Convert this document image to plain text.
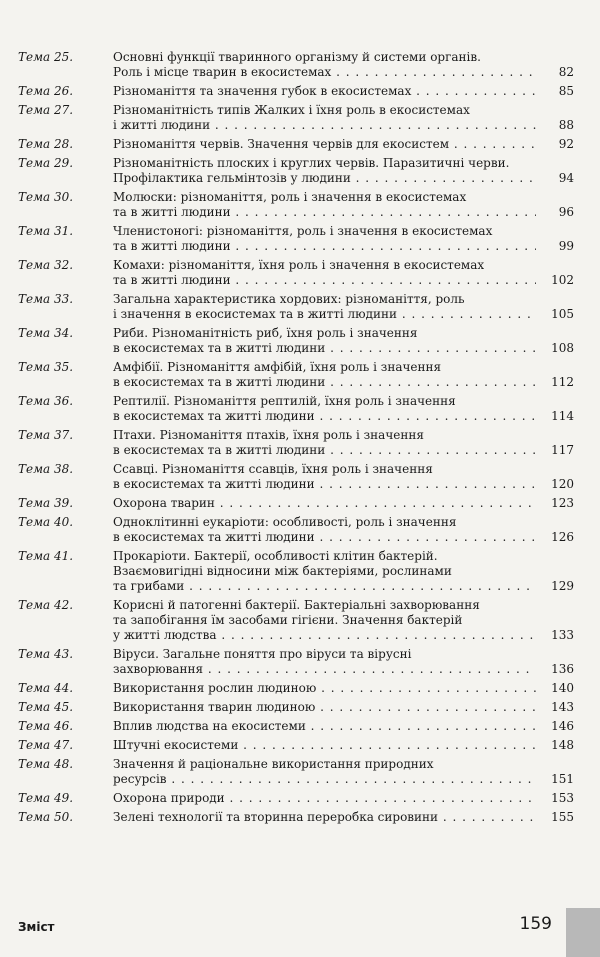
Тема 25.	Основні функції тваринного організму й системи органів.
Роль і місце тварин в екосистемах . . .	82
Тема 26.	Різноманіття та значення губок в екосистемах . . .	85
Тема 27.	Різноманітність типів Жалких і їхня роль в екосистемах
і житті людини . . .	88
Тема 28.	Різноманіття червів. Значення червів для екосистем . . .	92
Тема 29.	Різноманітність плоских і круглих червів. Паразитичні черви.
Профілактика гельмінтозів у людини . . .	94
Тема 30.	Молюски: різноманіття, роль і значення в екосистемах
та в житті людини . . .	96
Тема 31.	Членистоногі: різноманіття, роль і значення в екосистемах
та в житті людини . . .	99
Тема 32.	Комахи: різноманіття, їхня роль і значення в екосистемах
та в житті людини . . .	102
Тема 33.	Загальна характеристика хордових: різноманіття, роль
і значення в екосистемах та в житті людини . . .	105
Тема 34.	Риби. Різноманітність риб, їхня роль і значення
в екосистемах та в житті людини . . .	108
Тема 35.	Амфібії. Різноманіття амфібій, їхня роль і значення
в екосистемах та в житті людини . . .	112
Тема 36.	Рептилії. Різноманіття рептилій, їхня роль і значення
в екосистемах та житті людини . . .	114
Тема 37.	Птахи. Різноманіття птахів, їхня роль і значення
в екосистемах та в житті людини . . .	117
Тема 38.	Ссавці. Різноманіття ссавців, їхня роль і значення
в екосистемах та житті людини . . .	120
Тема 39.	Охорона тварин . . .	123
Тема 40.	Одноклітинні еукаріоти: особливості, роль і значення
в екосистемах та житті людини . . .	126
Тема 41.	Прокаріоти. Бактерії, особливості клітин бактерій.
Взаємовигідні відносини між бактеріями, рослинами
та грибами . . .	129
Тема 42.	Корисні й патогенні бактерії. Бактеріальні захворювання
та запобігання їм засобами гігієни. Значення бактерій
у житті людства . . .	133
Тема 43.	Віруси. Загальне поняття про віруси та вірусні
захворювання . . .	136
Тема 44.	Використання рослин людиною . . .	140
Тема 45.	Використання тварин людиною . . .	143
Тема 46.	Вплив людства на екосистеми . . .	146
Тема 47.	Штучні екосистеми . . .	148
Тема 48.	Значення й раціональне використання природних
ресурсів . . .	151
Тема 49.	Охорона природи . . .	153
Тема 50.	Зелені технології та вторинна переробка сировини . . .	155
Зміст	159
